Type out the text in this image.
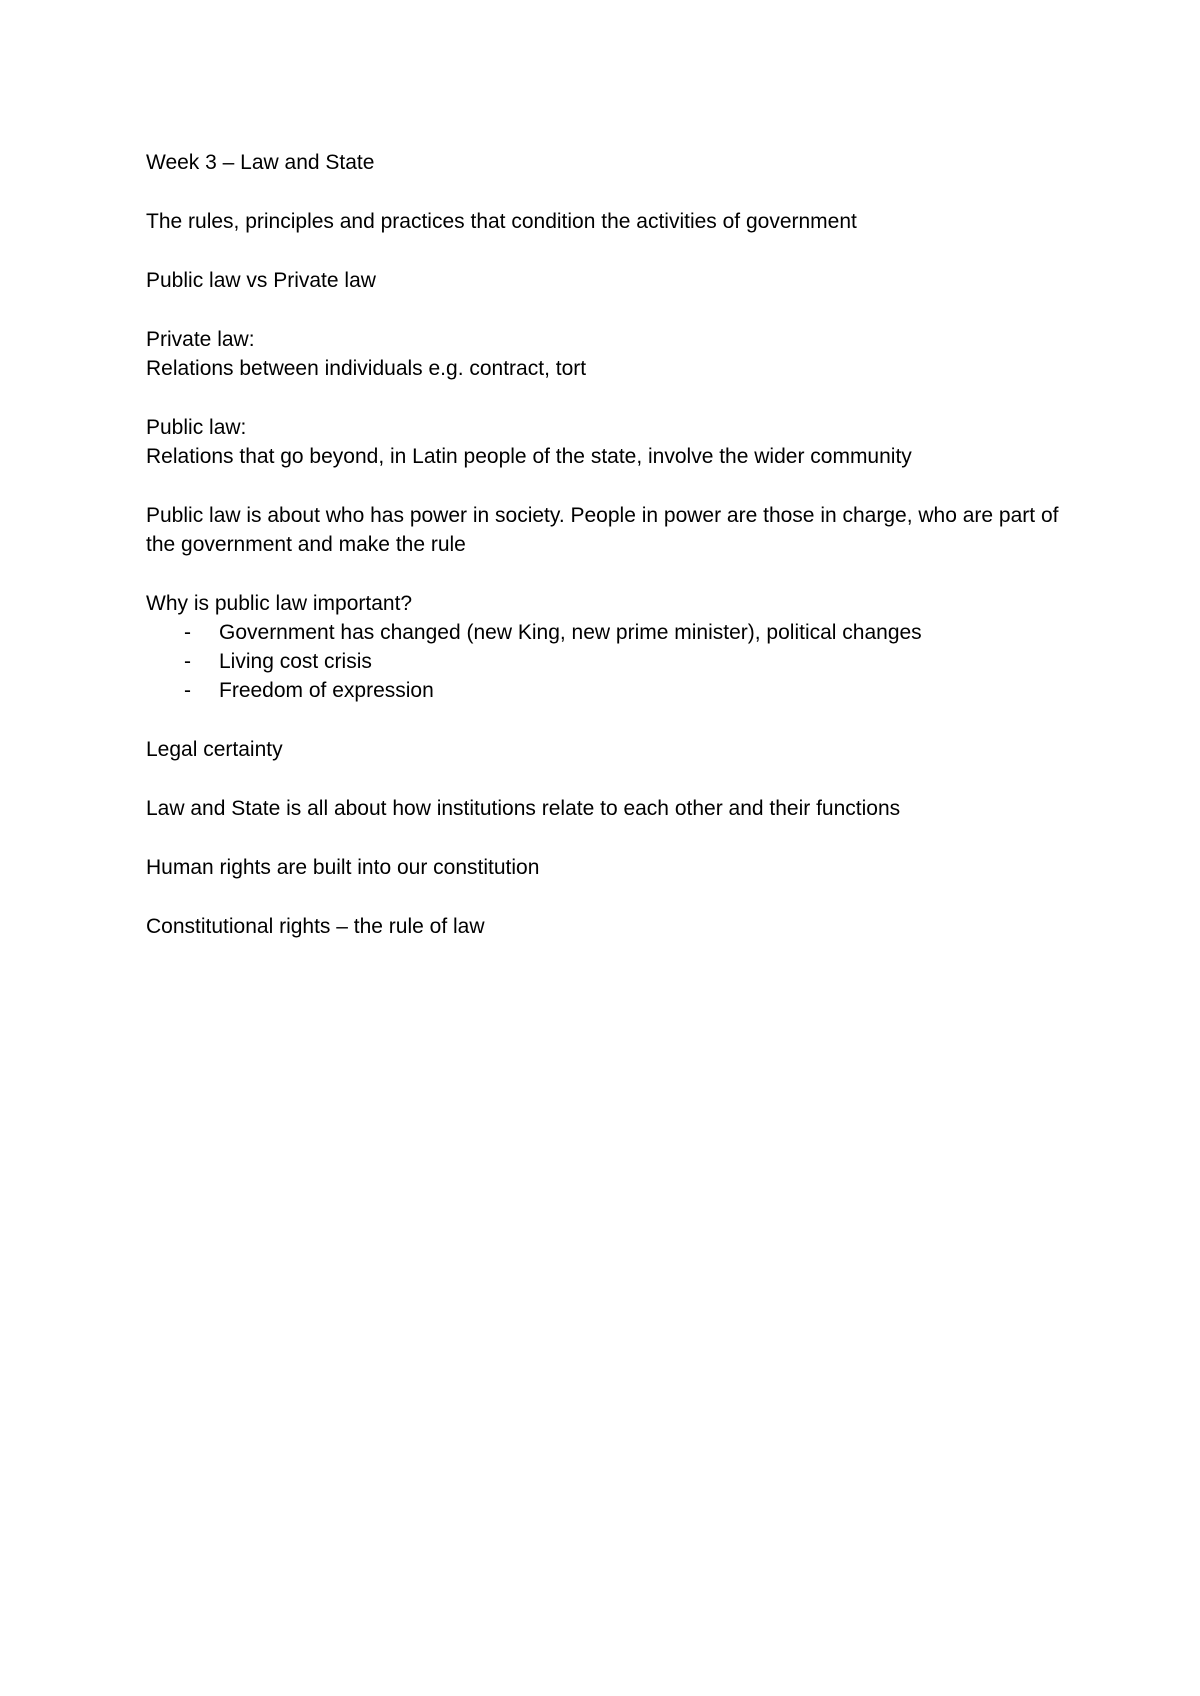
Week 3 – Law and State

The rules, principles and practices that condition the activities of government

Public law vs Private law

Private law:
Relations between individuals e.g. contract, tort

Public law:
Relations that go beyond, in Latin people of the state, involve the wider community

Public law is about who has power in society. People in power are those in charge, who are part of the government and make the rule

Why is public law important?
- Government has changed (new King, new prime minister), political changes
- Living cost crisis
- Freedom of expression

Legal certainty

Law and State is all about how institutions relate to each other and their functions

Human rights are built into our constitution

Constitutional rights – the rule of law
